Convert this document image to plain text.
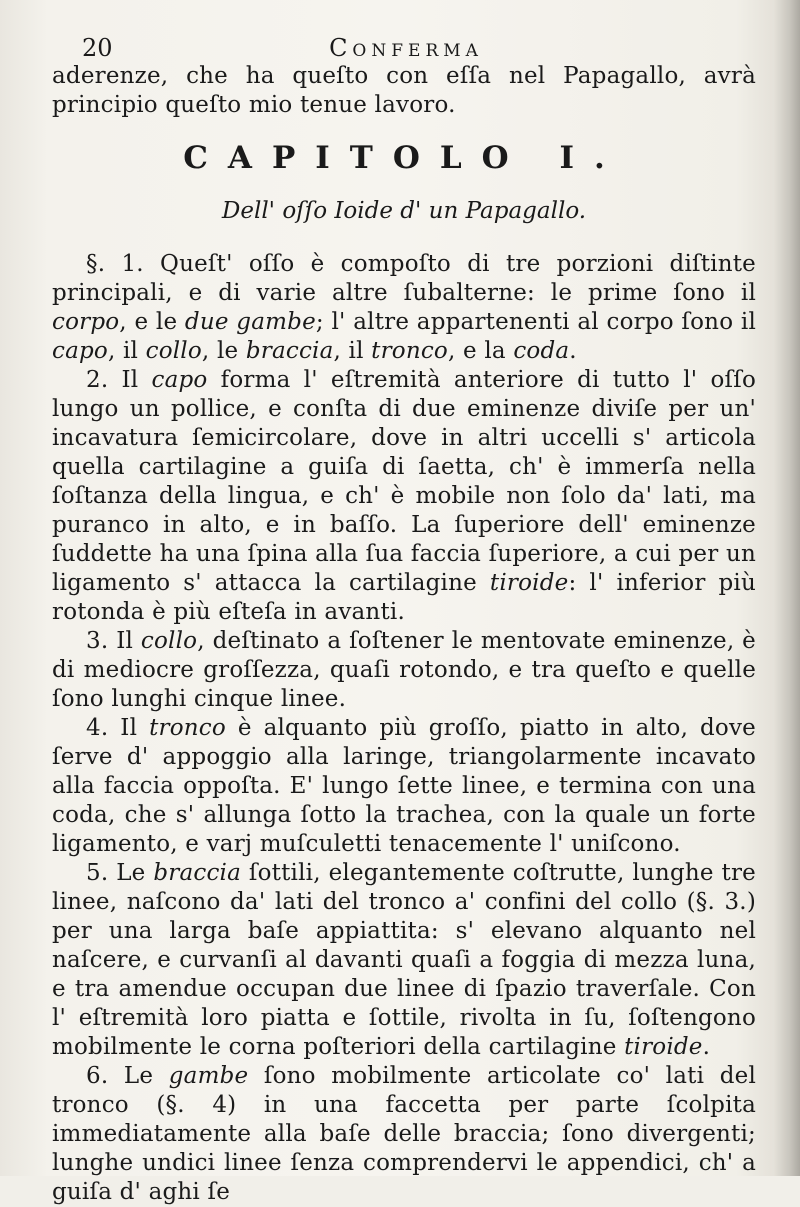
20	Conferma

aderenze, che ha queſto con eſſa nel Papagallo, avrà principio queſto mio tenue lavoro.

CAPITOLO I.
Dell' oſſo Ioide d' un Papagallo.

§. 1. Queſt' oſſo è compoſto di tre porzioni diſtinte principali, e di varie altre ſubalterne: le prime ſono il corpo, e le due gambe; l' altre appartenenti al corpo ſono il capo, il collo, le braccia, il tronco, e la coda.

2. Il capo forma l' eſtremità anteriore di tutto l' oſſo lungo un pollice, e conſta di due eminenze diviſe per un' incavatura ſemicircolare, dove in altri uccelli s' articola quella cartilagine a guiſa di ſaetta, ch' è immerſa nella ſoſtanza della lingua, e ch' è mobile non ſolo da' lati, ma puranco in alto, e in baſſo. La ſuperiore dell' eminenze ſuddette ha una ſpina alla ſua faccia ſuperiore, a cui per un ligamento s' attacca la cartilagine tiroide: l' inferior più rotonda è più eſteſa in avanti.

3. Il collo, deſtinato a ſoſtener le mentovate eminenze, è di mediocre groſſezza, quaſi rotondo, e tra queſto e quelle ſono lunghi cinque linee.

4. Il tronco è alquanto più groſſo, piatto in alto, dove ſerve d' appoggio alla laringe, triangolarmente incavato alla faccia oppoſta. E' lungo ſette linee, e termina con una coda, che s' allunga ſotto la trachea, con la quale un forte ligamento, e varj muſculetti tenacemente l' uniſcono.

5. Le braccia ſottili, elegantemente coſtrutte, lunghe tre linee, naſcono da' lati del tronco a' confini del collo (§. 3.) per una larga baſe appiattita: s' elevano alquanto nel naſcere, e curvanſi al davanti quaſi a foggia di mezza luna, e tra amendue occupan due linee di ſpazio traverſale. Con l' eſtremità loro piatta e ſottile, rivolta in ſu, ſoſtengono mobilmente le corna poſteriori della cartilagine tiroide.

6. Le gambe ſono mobilmente articolate co' lati del tronco (§. 4) in una faccetta per parte ſcolpita immediatamente alla baſe delle braccia; ſono divergenti; lunghe undici linee ſenza comprendervi le appendici, ch' a guiſa d' aghi ſe
